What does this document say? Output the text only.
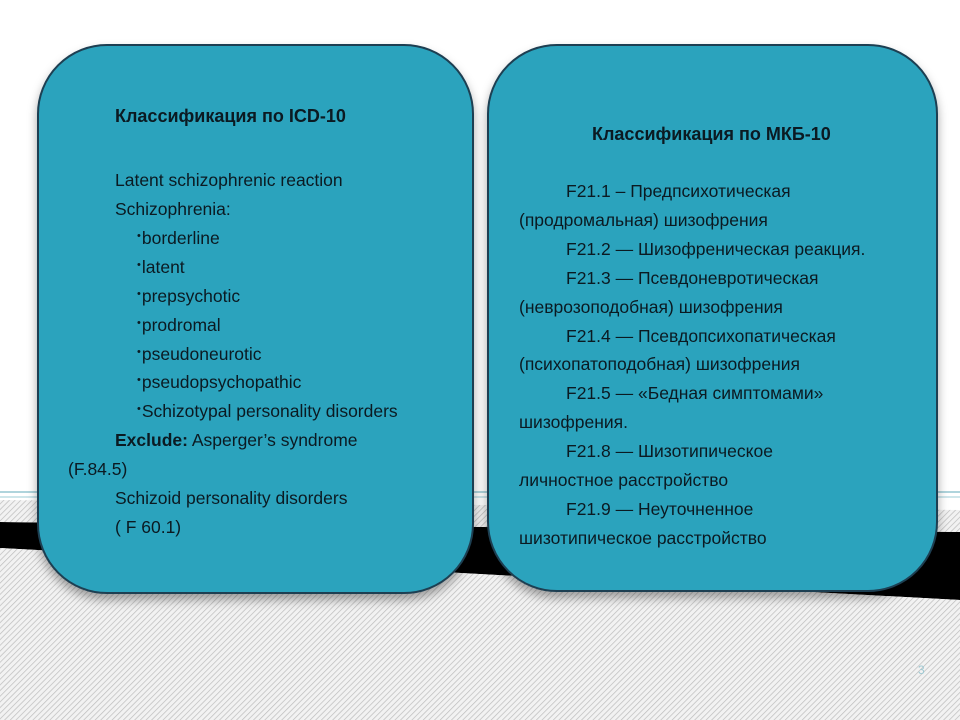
Классификация по ICD-10
Latent schizophrenic reaction
Schizophrenia:
• borderline
• latent
• prepsychotic
• prodromal
• pseudoneurotic
• pseudopsychopathic
• Schizotypal personality disorders
Exclude: Asperger’s syndrome
(F.84.5)
Schizoid personality disorders
( F 60.1)
Классификация по МКБ-10
F21.1 – Предпсихотическая
(продромальная) шизофрения
F21.2 — Шизофреническая реакция.
F21.3 — Псевдоневротическая
(неврозоподобная) шизофрения
F21.4 — Псевдопсихопатическая
(психопатоподобная) шизофрения
F21.5 — «Бедная симптомами»
шизофрения.
F21.8 — Шизотипическое
личностное расстройство
F21.9 — Неуточненное
шизотипическое расстройство
3
